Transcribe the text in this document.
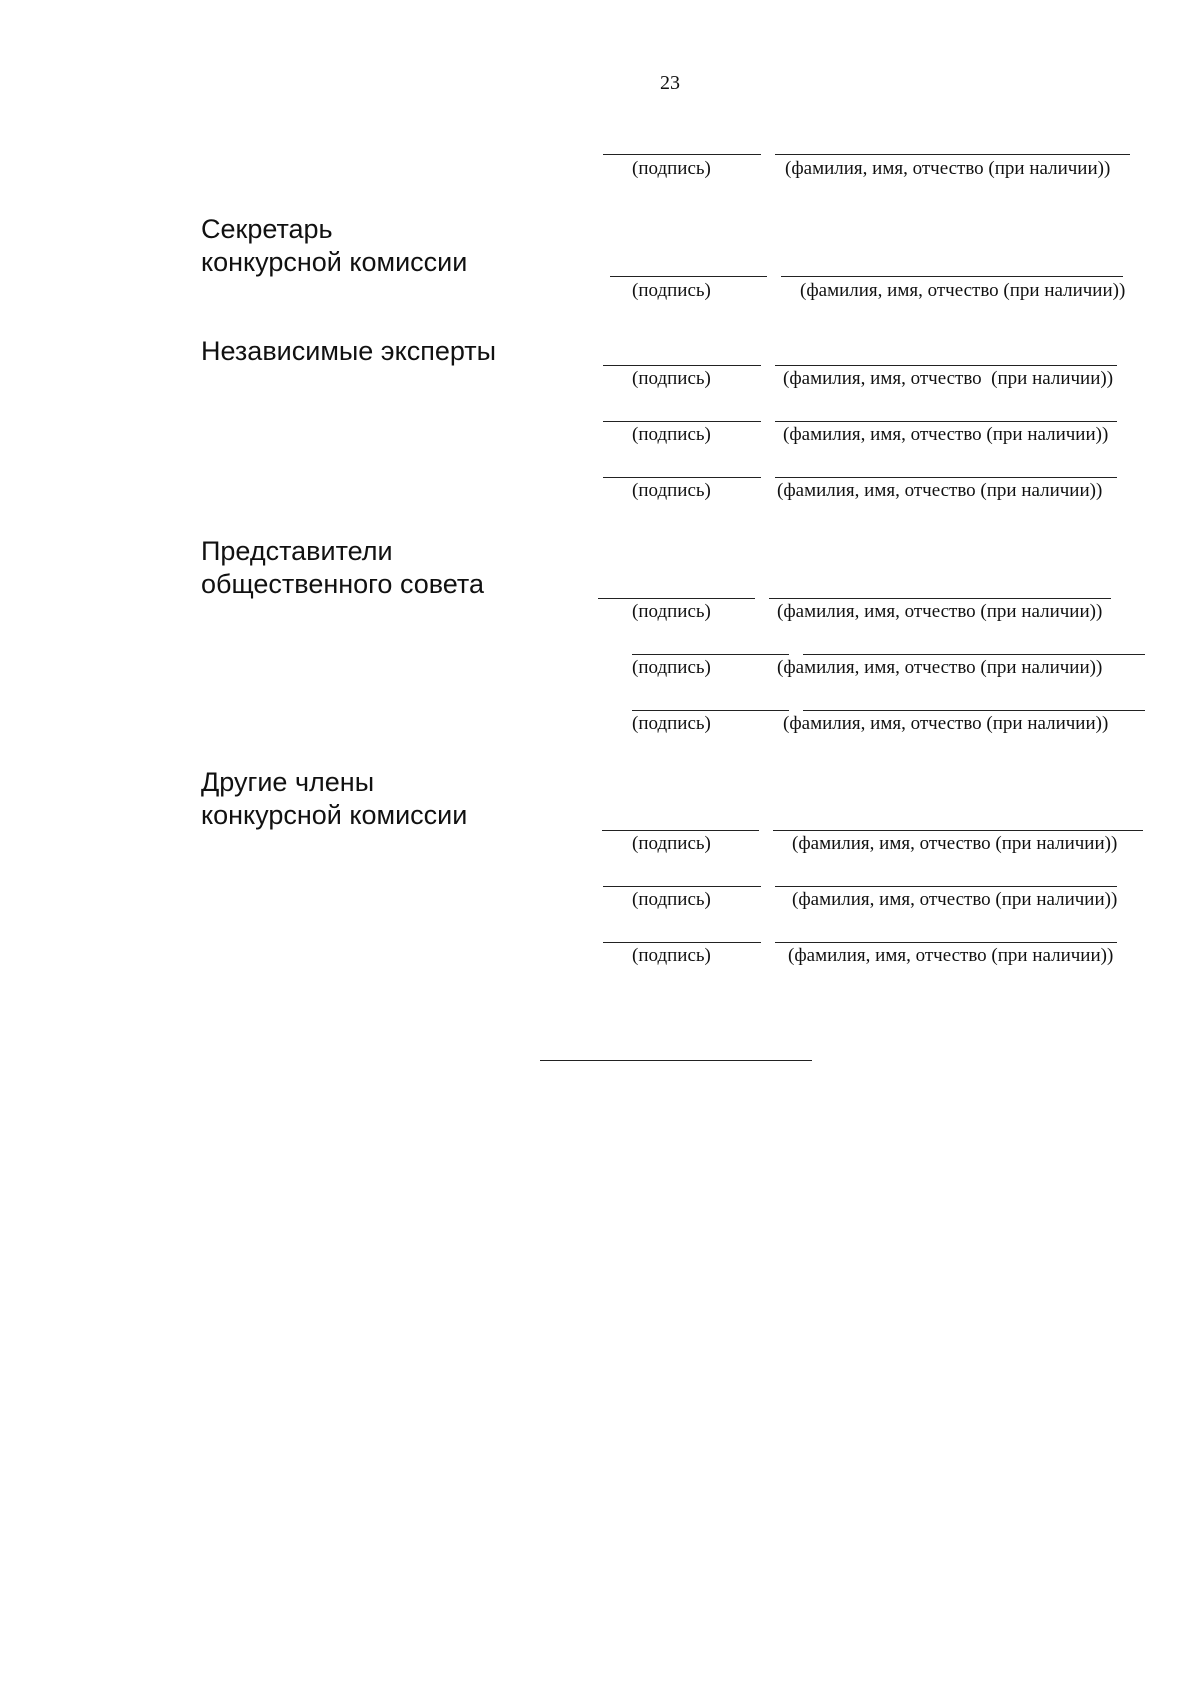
23
(подпись)	(фамилия, имя, отчество (при наличии))
Секретарь
конкурсной комиссии
(подпись)	(фамилия, имя, отчество (при наличии))
Независимые эксперты
(подпись)	(фамилия, имя, отчество  (при наличии))
(подпись)	(фамилия, имя, отчество (при наличии))
(подпись)	(фамилия, имя, отчество (при наличии))
Представители
общественного совета
(подпись)	(фамилия, имя, отчество (при наличии))
(подпись)	(фамилия, имя, отчество (при наличии))
(подпись)	(фамилия, имя, отчество (при наличии))
Другие члены
конкурсной комиссии
(подпись)	(фамилия, имя, отчество (при наличии))
(подпись)	(фамилия, имя, отчество (при наличии))
(подпись)	(фамилия, имя, отчество (при наличии))
